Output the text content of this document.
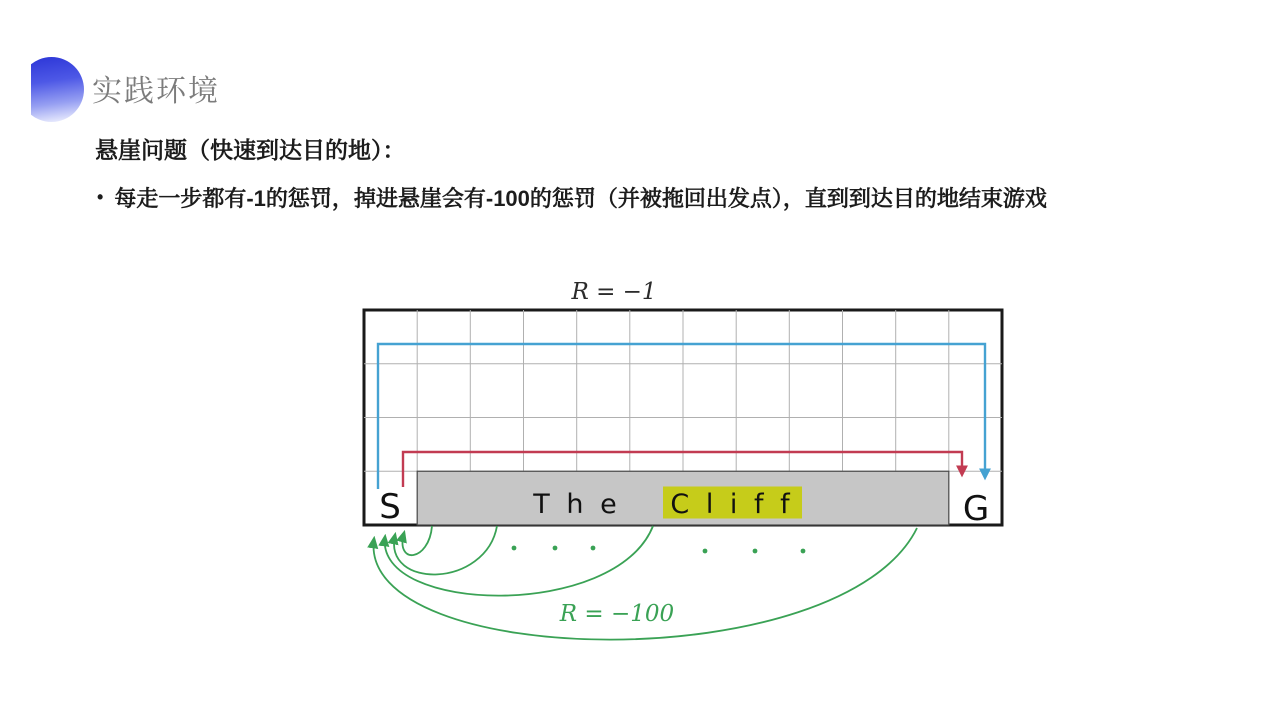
实践环境
悬崖问题（快速到达目的地）：
• 每走一步都有-1的惩罚，掉进悬崖会有-100的惩罚（并被拖回出发点），直到到达目的地结束游戏
R = −1
R = −100
T h e C l i f f
S	G
